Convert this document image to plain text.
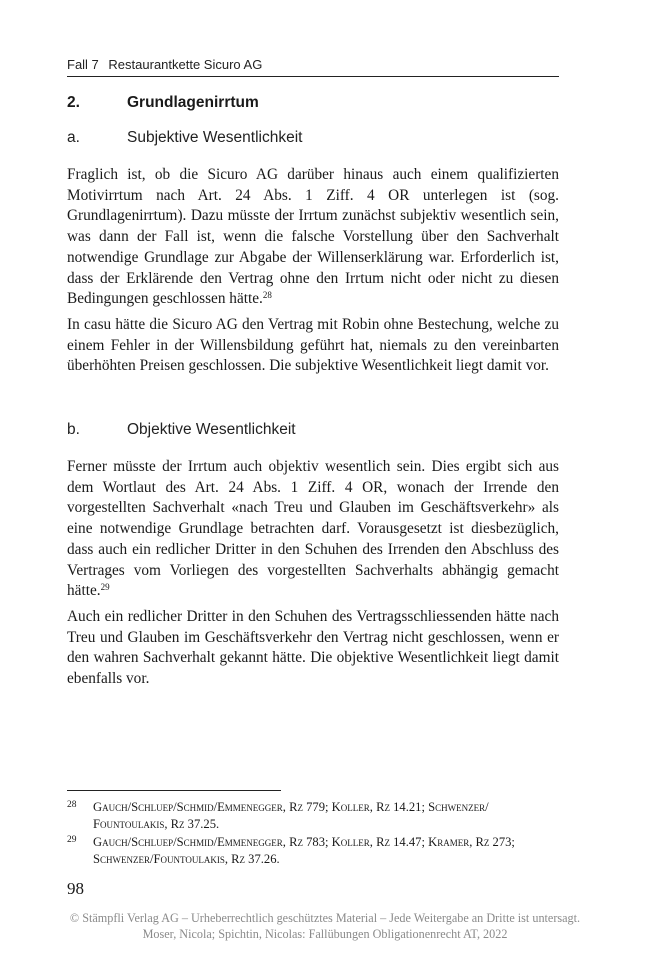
Fall 7 Restaurantkette Sicuro AG
2.	Grundlagenirrtum
a.	Subjektive Wesentlichkeit

Fraglich ist, ob die Sicuro AG darüber hinaus auch einem qualifizierten Motivirrtum nach Art. 24 Abs. 1 Ziff. 4 OR unterlegen ist (sog. Grundlagenirrtum). Dazu müsste der Irrtum zunächst subjektiv wesentlich sein, was dann der Fall ist, wenn die falsche Vorstellung über den Sachverhalt notwendige Grundlage zur Abgabe der Willenserklärung war. Erforderlich ist, dass der Erklärende den Vertrag ohne den Irrtum nicht oder nicht zu diesen Bedingungen geschlossen hätte.$^{28}$

In casu hätte die Sicuro AG den Vertrag mit Robin ohne Bestechung, welche zu einem Fehler in der Willensbildung geführt hat, niemals zu den vereinbarten überhöhten Preisen geschlossen. Die subjektive Wesentlichkeit liegt damit vor.

b.	Objektive Wesentlichkeit

Ferner müsste der Irrtum auch objektiv wesentlich sein. Dies ergibt sich aus dem Wortlaut des Art. 24 Abs. 1 Ziff. 4 OR, wonach der Irrende den vorgestellten Sachverhalt «nach Treu und Glauben im Geschäftsverkehr» als eine notwendige Grundlage betrachten darf. Vorausgesetzt ist diesbezüglich, dass auch ein redlicher Dritter in den Schuhen des Irrenden den Abschluss des Vertrages vom Vorliegen des vorgestellten Sachverhalts abhängig gemacht hätte.$^{29}$

Auch ein redlicher Dritter in den Schuhen des Vertragsschliessenden hätte nach Treu und Glauben im Geschäftsverkehr den Vertrag nicht geschlossen, wenn er den wahren Sachverhalt gekannt hätte. Die objektive Wesentlichkeit liegt damit ebenfalls vor.

28 Gauch/Schluep/Schmid/Emmenegger, Rz 779; Koller, Rz 14.21; Schwenzer/
Fountoulakis, Rz 37.25.
29 Gauch/Schluep/Schmid/Emmenegger, Rz 783; Koller, Rz 14.47; Kramer, Rz 273;
Schwenzer/Fountoulakis, Rz 37.26.
98
© Stämpfli Verlag AG – Urheberrechtlich geschütztes Material – Jede Weitergabe an Dritte ist untersagt.
Moser, Nicola; Spichtin, Nicolas: Fallübungen Obligationenrecht AT, 2022
